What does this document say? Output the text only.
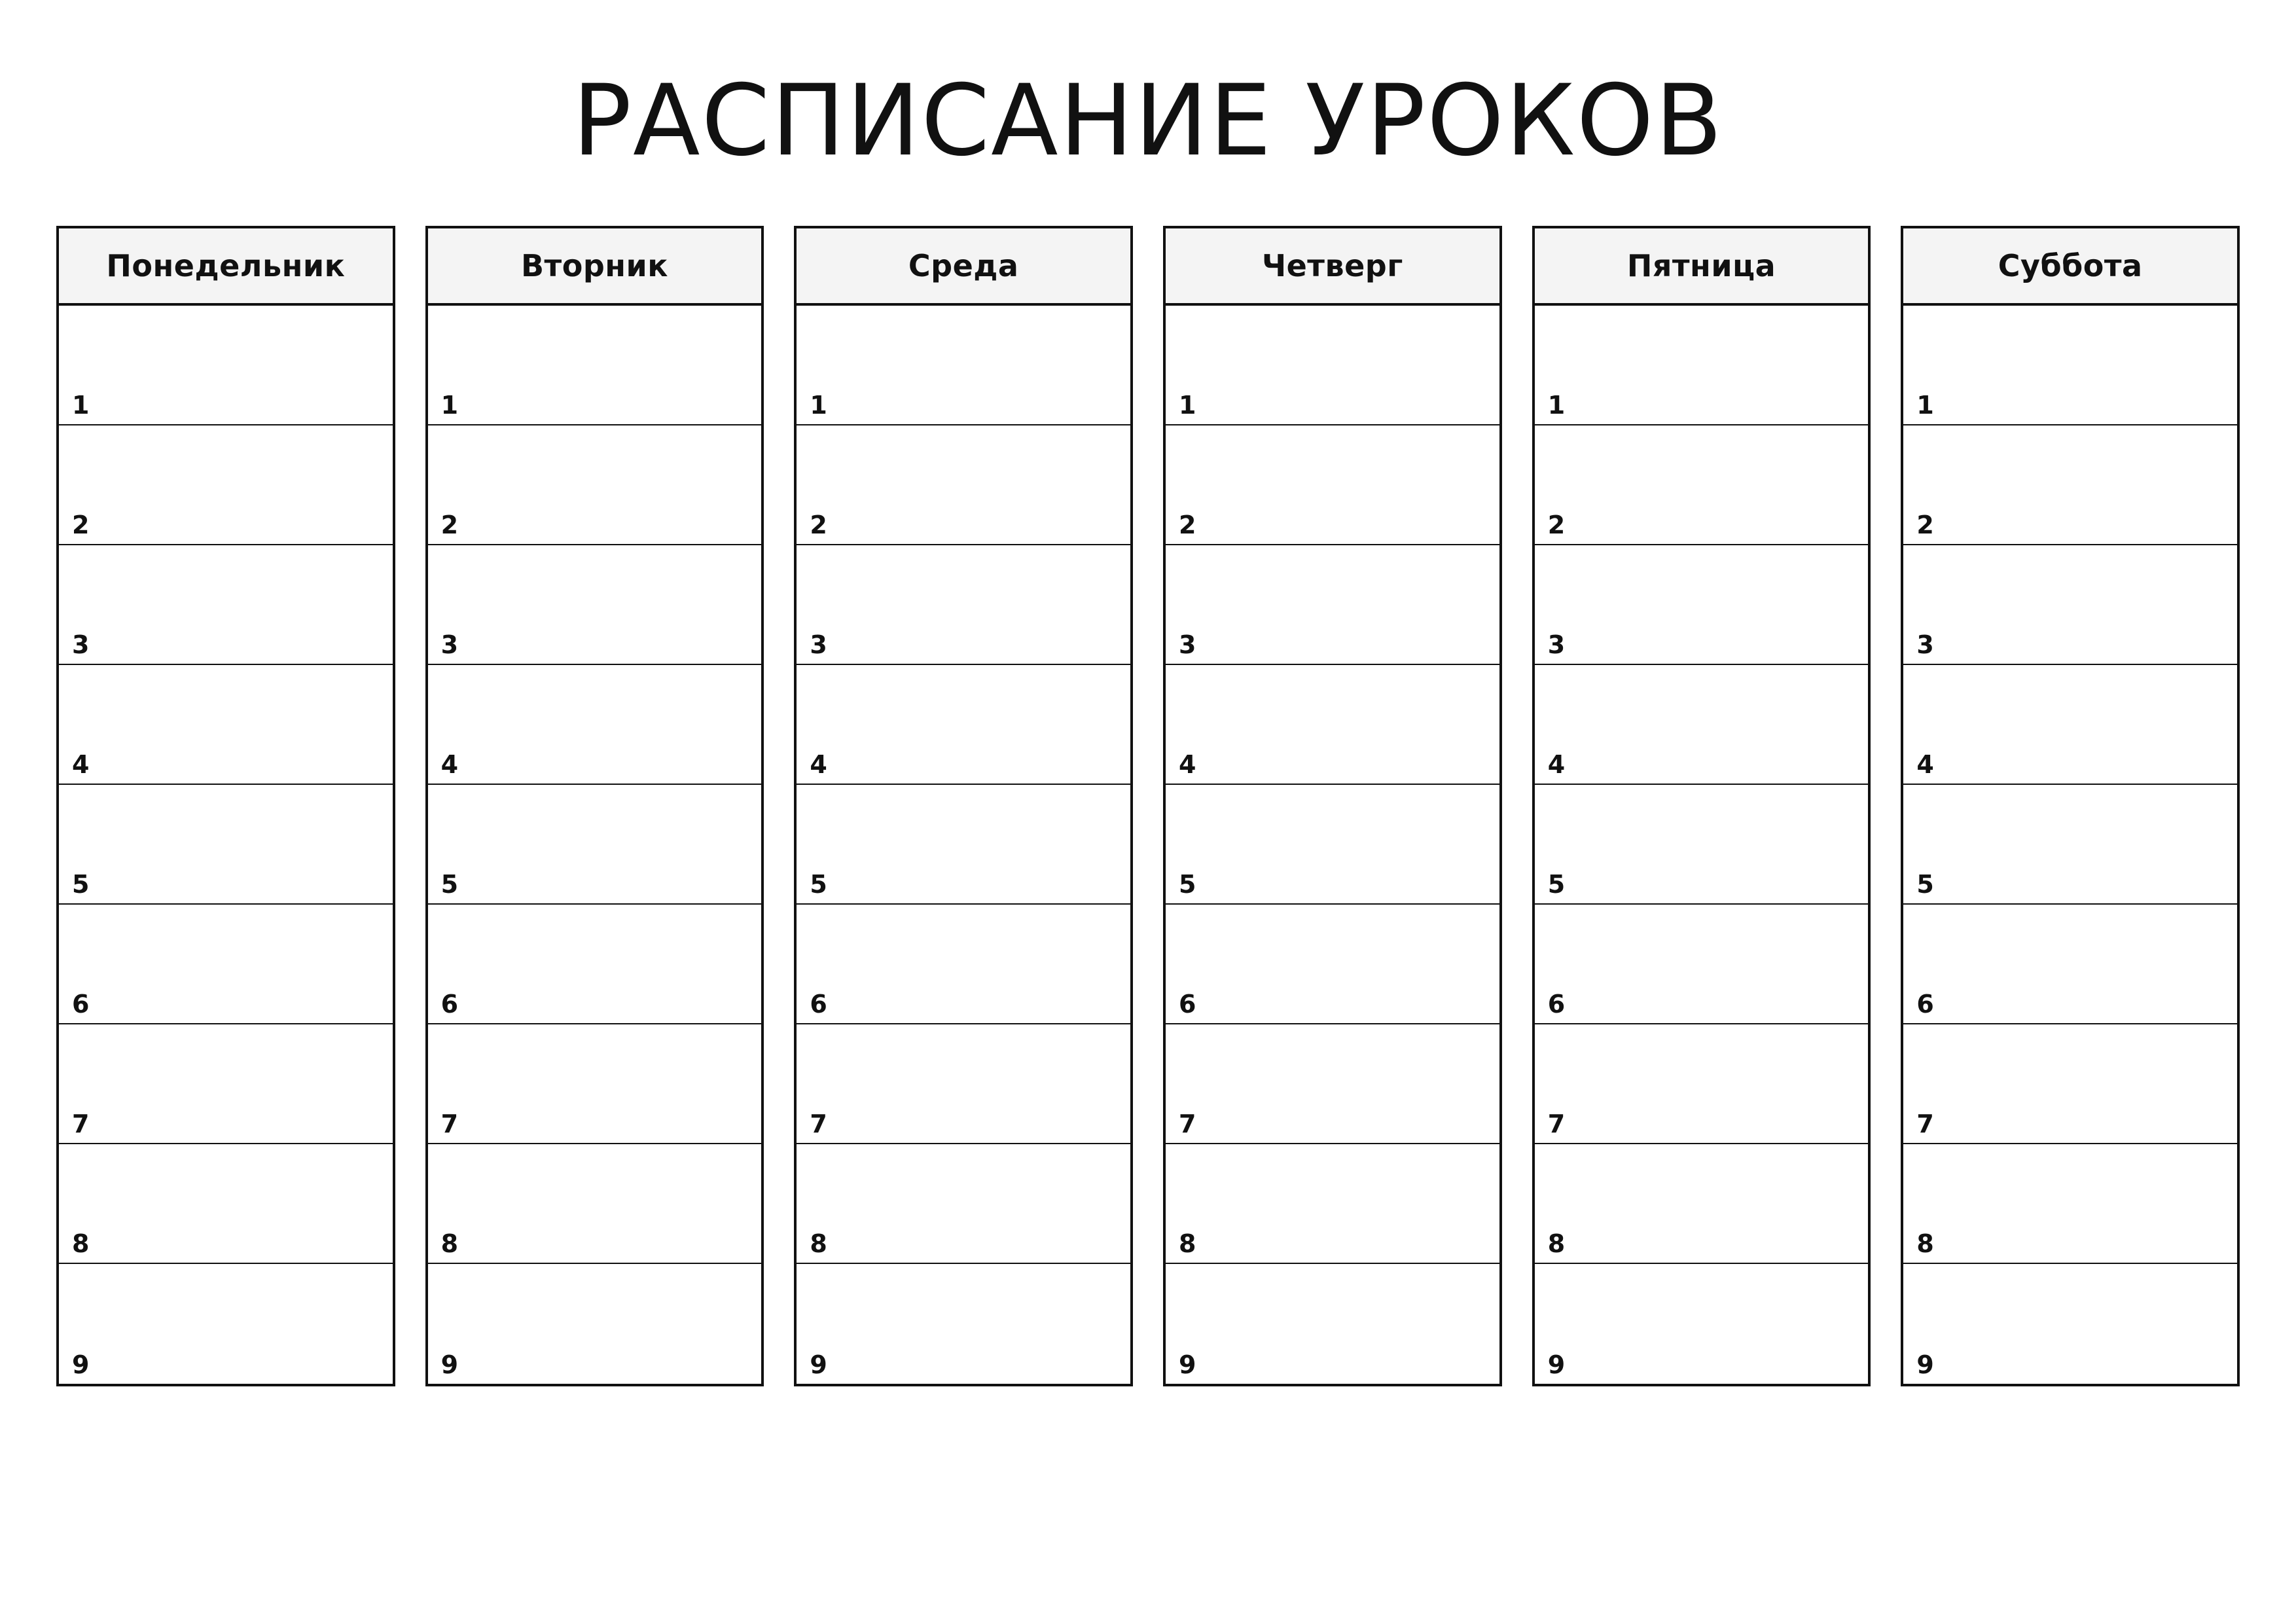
РАСПИСАНИЕ УРОКОВ
Понедельник
1
2
3
4
5
6
7
8
9
Вторник
1
2
3
4
5
6
7
8
9
Среда
1
2
3
4
5
6
7
8
9
Четверг
1
2
3
4
5
6
7
8
9
Пятница
1
2
3
4
5
6
7
8
9
Суббота
1
2
3
4
5
6
7
8
9
